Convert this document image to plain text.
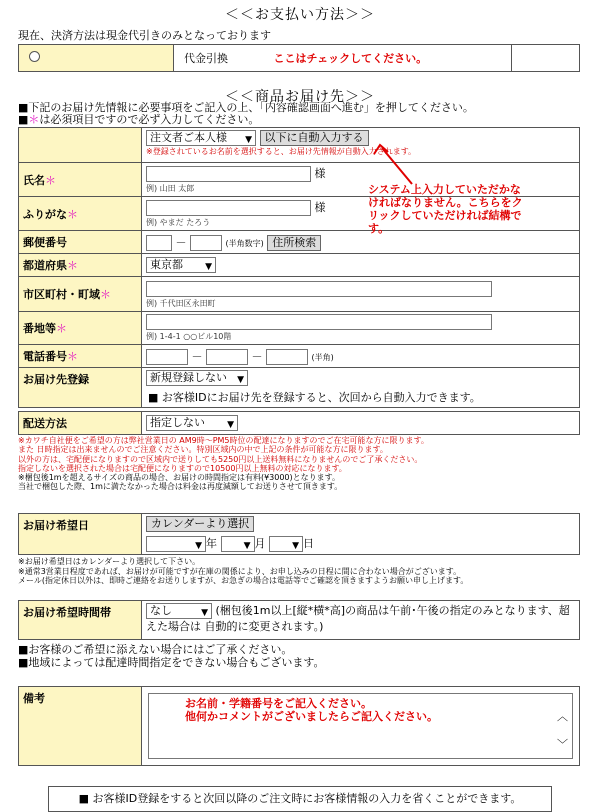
＜＜お支払い方法＞＞
現在、決済方法は現金代引きのみとなっております
	代金引換	ここはチェックしてください。	
＜＜商品お届け先＞＞
■下記のお届け先情報に必要事項をご記入の上、「内容確認画面へ進む」を押してください。
■＊は必須項目ですので必ず入力してください。
	注文者ご本人様 ▼ 以下に自動入力する
※登録されているお名前を選択すると、お届け先情報が自動入力されます。

氏名＊	様
例) 山田 太郎

ふりがな＊	様
例) やまだ たろう

郵便番号	－ (半角数字) 住所検索
都道府県＊	東京都 ▼

市区町村・町域＊	例) 千代田区永田町

番地等＊	例) 1-4-1 ○○ビル10階

電話番号＊	－ － (半角)
お届け先登録	新規登録しない ▼
■ お客様IDにお届け先を登録すると、次回から自動入力できます。
システム上入力していただかなければなりません。こちらをクリックしていただければ結構です。
配送方法	指定しない ▼
※カワチ自社便をご希望の方は弊社営業日の AM9時～PM5時位の配達になりますのでご在宅可能な方に限ります。
また 日時指定は出来ませんのでご注意ください。特別区域内の中で上記の条件が可能な方に限ります。
以外の方は、宅配便になりますので区域内で送りしても5250円以上送料無料になりませんのでご了承ください。
指定しないを選択された場合は宅配便になりますので10500円以上無料の対応になります。
※梱包後1mを超えるサイズの商品の場合、お届けの時間指定は有料(¥3000)となります。
当社で梱包した際、1mに満たなかった場合は料金は再度減額してお送りさせて頂きます。
お届け希望日	カレンダーより選択
▼ 年	▼ 月	▼ 日
※お届け希望日はカレンダーより選択して下さい。
※通常3営業日程度であれば、お届けが可能ですが在庫の関係により、お申し込みの日程に間に合わない場合がございます。
メール(指定休日以外は、即時ご連絡をお送りしますが、お急ぎの場合は電話等でご確認を頂きますようお願い申し上げます。
お届け希望時間帯	なし	▼ (梱包後1m以上[縦*横*高]の商品は午前･午後の指定のみとなります、超えた場合は 自動的に変更されます。)
■お客様のご希望に添えない場合にはご了承ください。
■地域によっては配達時間指定をできない場合もございます。
備考	お名前・学籍番号をご記入ください。
他何かコメントがございましたらご記入ください。	︿
﹀
■ お客様ID登録をすると次回以降のご注文時にお客様情報の入力を省くことができます。
